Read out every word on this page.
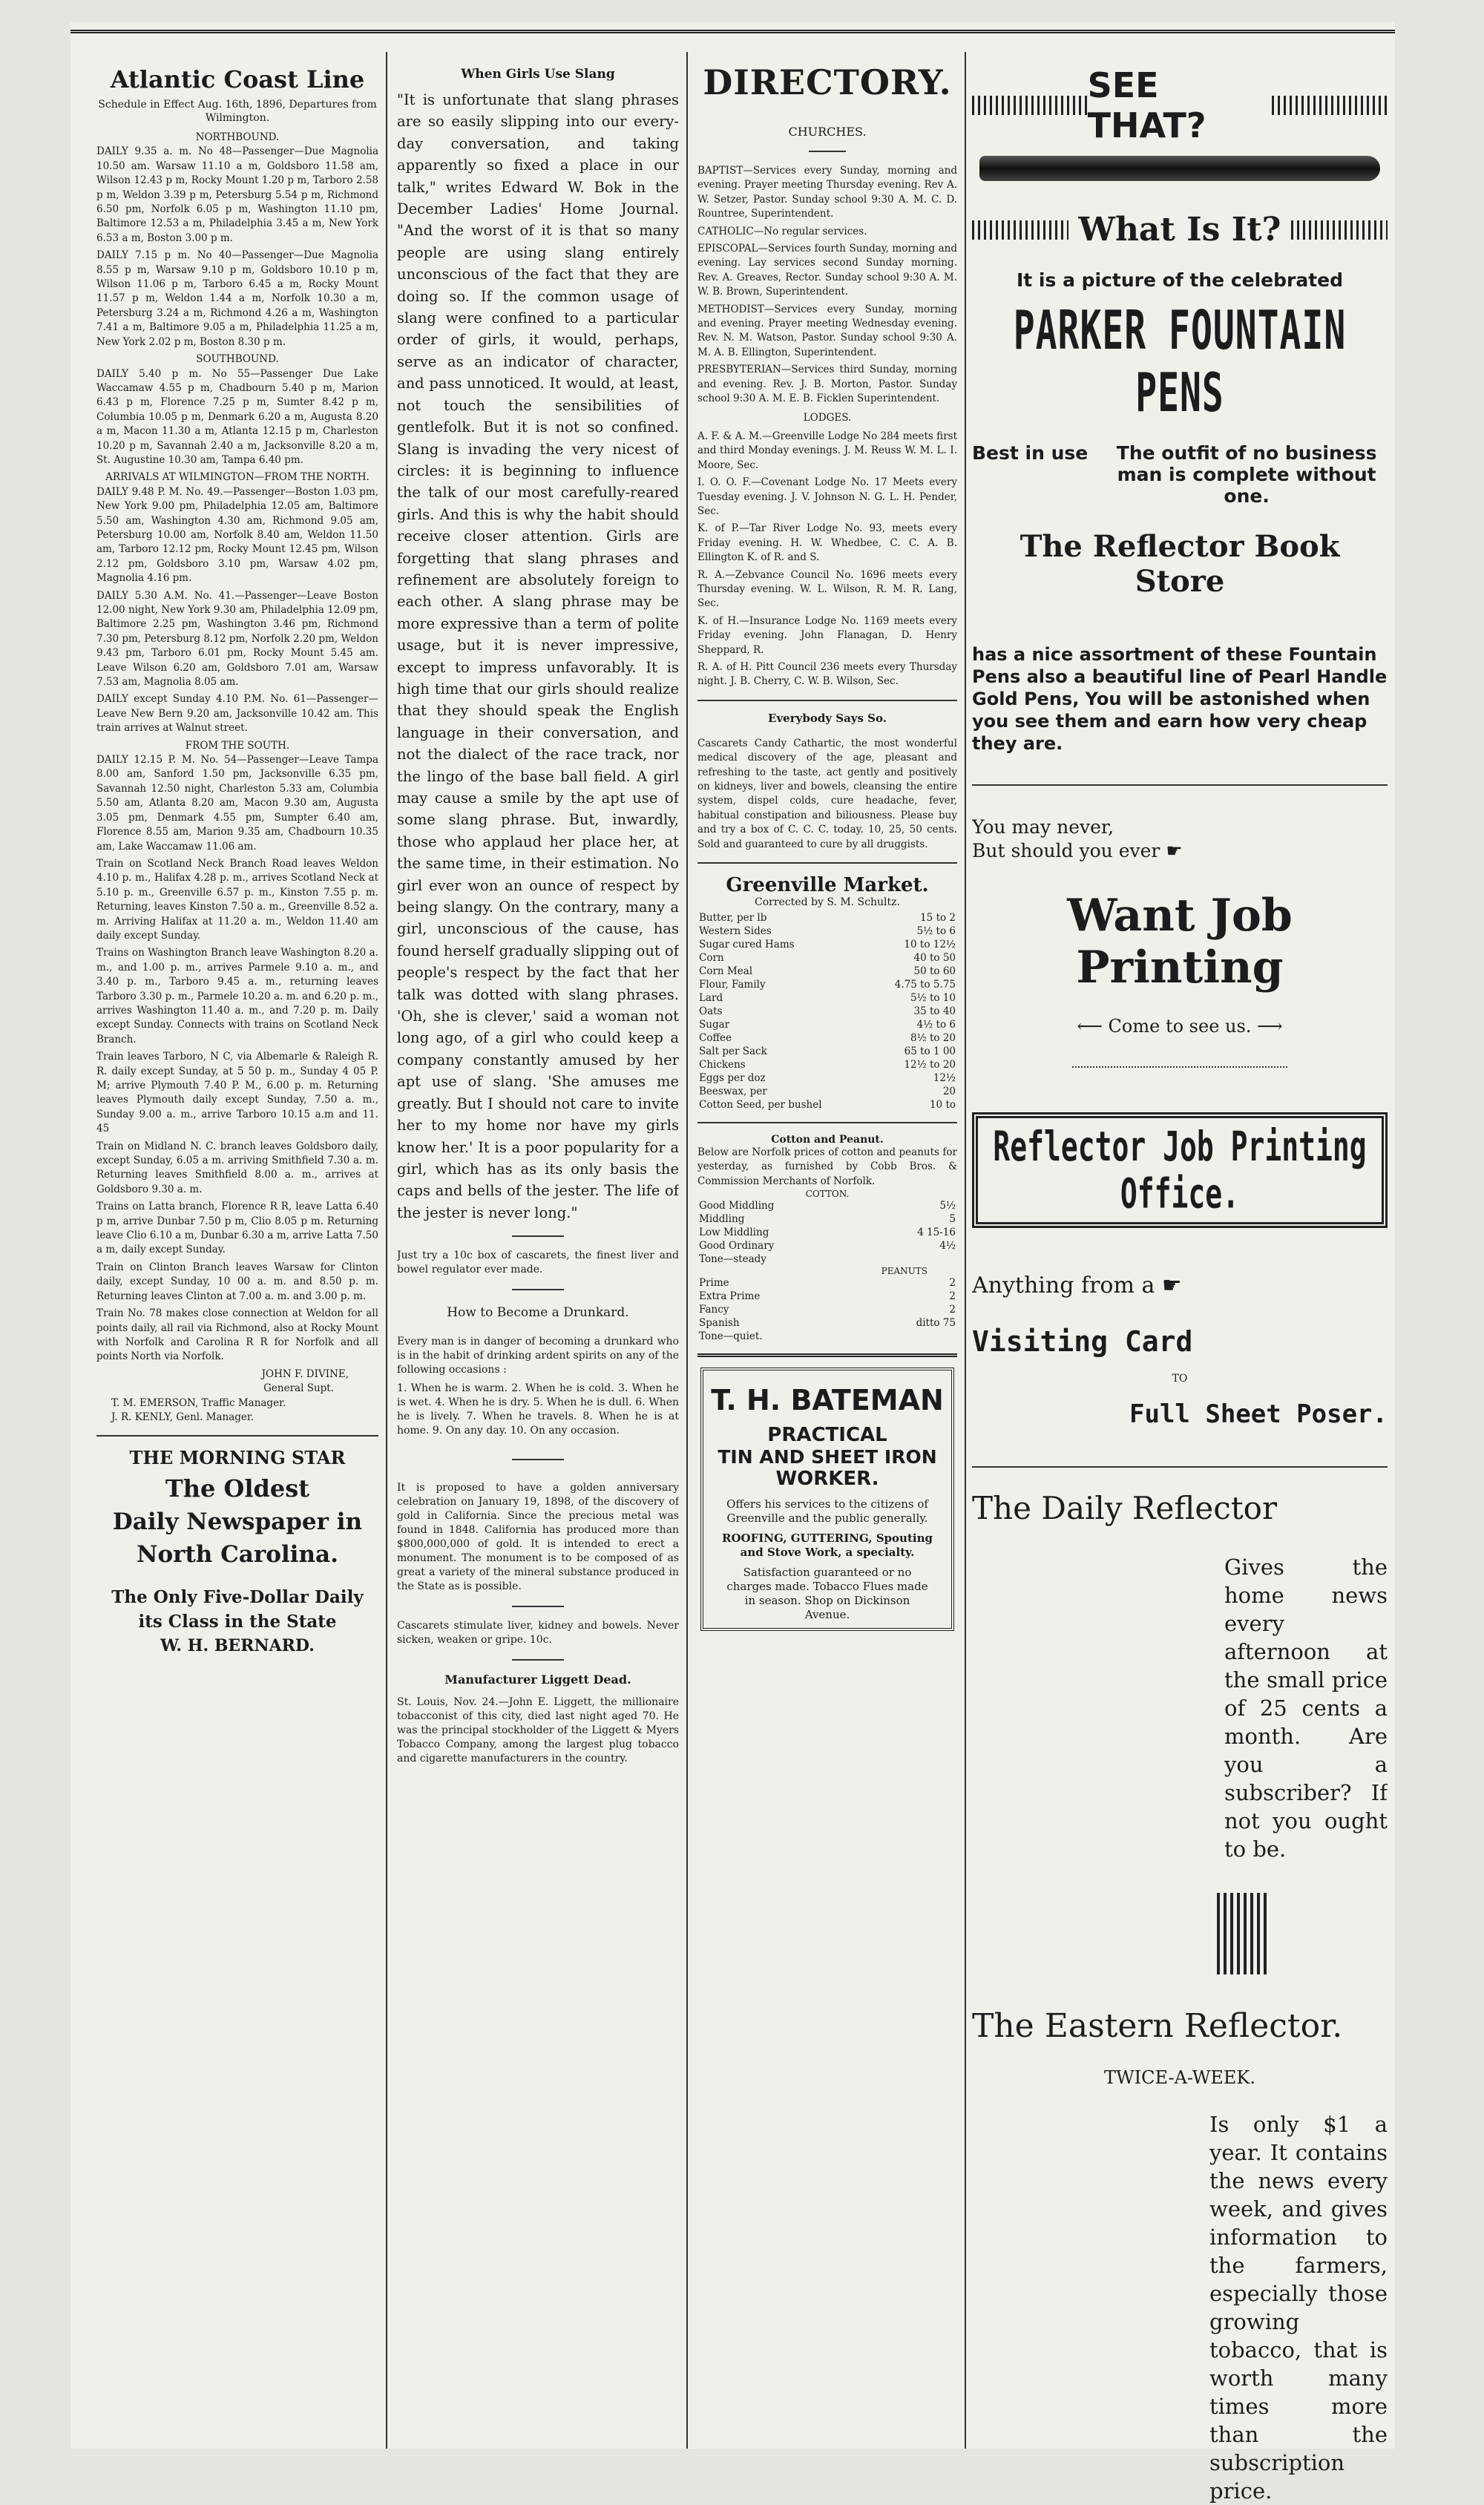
Atlantic Coast Line
Schedule in Effect Aug. 16th, 1896, Departures from Wilmington.
NORTHBOUND.

DAILY 9.35 a. m. No 48—Passenger—Due Magnolia 10.50 am. Warsaw 11.10 a m, Goldsboro 11.58 am, Wilson 12.43 p m, Rocky Mount 1.20 p m, Tarboro 2.58 p m, Weldon 3.39 p m, Petersburg 5.54 p m, Richmond 6.50 pm, Norfolk 6.05 p m, Washington 11.10 pm, Baltimore 12.53 a m, Philadelphia 3.45 a m, New York 6.53 a m, Boston 3.00 p m.

DAILY 7.15 p m. No 40—Passenger—Due Magnolia 8.55 p m, Warsaw 9.10 p m, Goldsboro 10.10 p m, Wilson 11.06 p m, Tarboro 6.45 a m, Rocky Mount 11.57 p m, Weldon 1.44 a m, Norfolk 10.30 a m, Petersburg 3.24 a m, Richmond 4.26 a m, Washington 7.41 a m, Baltimore 9.05 a m, Philadelphia 11.25 a m, New York 2.02 p m, Boston 8.30 p m.

SOUTHBOUND.

DAILY 5.40 p m. No 55—Passenger Due Lake Waccamaw 4.55 p m, Chadbourn 5.40 p m, Marion 6.43 p m, Florence 7.25 p m, Sumter 8.42 p m, Columbia 10.05 p m, Denmark 6.20 a m, Augusta 8.20 a m, Macon 11.30 a m, Atlanta 12.15 p m, Charleston 10.20 p m, Savannah 2.40 a m, Jacksonville 8.20 a m, St. Augustine 10.30 am, Tampa 6.40 pm.

ARRIVALS AT WILMINGTON—FROM THE NORTH.

DAILY 9.48 P. M. No. 49.—Passenger—Boston 1.03 pm, New York 9.00 pm, Philadelphia 12.05 am, Baltimore 5.50 am, Washington 4.30 am, Richmond 9.05 am, Petersburg 10.00 am, Norfolk 8.40 am, Weldon 11.50 am, Tarboro 12.12 pm, Rocky Mount 12.45 pm, Wilson 2.12 pm, Goldsboro 3.10 pm, Warsaw 4.02 pm, Magnolia 4.16 pm.

DAILY 5.30 A.M. No. 41.—Passenger—Leave Boston 12.00 night, New York 9.30 am, Philadelphia 12.09 pm, Baltimore 2.25 pm, Washington 3.46 pm, Richmond 7.30 pm, Petersburg 8.12 pm, Norfolk 2.20 pm, Weldon 9.43 pm, Tarboro 6.01 pm, Rocky Mount 5.45 am. Leave Wilson 6.20 am, Goldsboro 7.01 am, Warsaw 7.53 am, Magnolia 8.05 am.

DAILY except Sunday 4.10 P.M. No. 61—Passenger—Leave New Bern 9.20 am, Jacksonville 10.42 am. This train arrives at Walnut street.

FROM THE SOUTH.

DAILY 12.15 P. M. No. 54—Passenger—Leave Tampa 8.00 am, Sanford 1.50 pm, Jacksonville 6.35 pm, Savannah 12.50 night, Charleston 5.33 am, Columbia 5.50 am, Atlanta 8.20 am, Macon 9.30 am, Augusta 3.05 pm, Denmark 4.55 pm, Sumpter 6.40 am, Florence 8.55 am, Marion 9.35 am, Chadbourn 10.35 am, Lake Waccamaw 11.06 am.

Train on Scotland Neck Branch Road leaves Weldon 4.10 p. m., Halifax 4.28 p. m., arrives Scotland Neck at 5.10 p. m., Greenville 6.57 p. m., Kinston 7.55 p. m. Returning, leaves Kinston 7.50 a. m., Greenville 8.52 a. m. Arriving Halifax at 11.20 a. m., Weldon 11.40 am daily except Sunday.

Trains on Washington Branch leave Washington 8.20 a. m., and 1.00 p. m., arrives Parmele 9.10 a. m., and 3.40 p. m., Tarboro 9.45 a. m., returning leaves Tarboro 3.30 p. m., Parmele 10.20 a. m. and 6.20 p. m., arrives Washington 11.40 a. m., and 7.20 p. m. Daily except Sunday. Connects with trains on Scotland Neck Branch.

Train leaves Tarboro, N C, via Albemarle & Raleigh R. R. daily except Sunday, at 5 50 p. m., Sunday 4 05 P. M; arrive Plymouth 7.40 P. M., 6.00 p. m. Returning leaves Plymouth daily except Sunday, 7.50 a. m., Sunday 9.00 a. m., arrive Tarboro 10.15 a.m and 11. 45

Train on Midland N. C. branch leaves Goldsboro daily, except Sunday, 6.05 a m. arriving Smithfield 7.30 a. m. Returning leaves Smithfield 8.00 a. m., arrives at Goldsboro 9.30 a. m.

Trains on Latta branch, Florence R R, leave Latta 6.40 p m, arrive Dunbar 7.50 p m, Clio 8.05 p m. Returning leave Clio 6.10 a m, Dunbar 6.30 a m, arrive Latta 7.50 a m, daily except Sunday.

Train on Clinton Branch leaves Warsaw for Clinton daily, except Sunday, 10 00 a. m. and 8.50 p. m. Returning leaves Clinton at 7.00 a. m. and 3.00 p. m.

Train No. 78 makes close connection at Weldon for all points daily, all rail via Richmond, also at Rocky Mount with Norfolk and Carolina R R for Norfolk and all points North via Norfolk.

JOHN F. DIVINE,
General Supt.
T. M. EMERSON, Traffic Manager.
J. R. KENLY, Genl. Manager.
THE MORNING STAR
The Oldest
Daily Newspaper in
North Carolina.
The Only Five-Dollar Daily
its Class in the State
W. H. BERNARD.
When Girls Use Slang
"It is unfortunate that slang phrases are so easily slipping into our every-day conversation, and taking apparently so fixed a place in our talk," writes Edward W. Bok in the December Ladies' Home Journal. "And the worst of it is that so many people are using slang entirely unconscious of the fact that they are doing so. If the common usage of slang were confined to a particular order of girls, it would, perhaps, serve as an indicator of character, and pass unnoticed. It would, at least, not touch the sensibilities of gentlefolk. But it is not so confined. Slang is invading the very nicest of circles: it is beginning to influence the talk of our most carefully-reared girls. And this is why the habit should receive closer attention. Girls are forgetting that slang phrases and refinement are absolutely foreign to each other. A slang phrase may be more expressive than a term of polite usage, but it is never impressive, except to impress unfavorably. It is high time that our girls should realize that they should speak the English language in their conversation, and not the dialect of the race track, nor the lingo of the base ball field. A girl may cause a smile by the apt use of some slang phrase. But, inwardly, those who applaud her place her, at the same time, in their estimation. No girl ever won an ounce of respect by being slangy. On the contrary, many a girl, unconscious of the cause, has found herself gradually slipping out of people's respect by the fact that her talk was dotted with slang phrases. 'Oh, she is clever,' said a woman not long ago, of a girl who could keep a company constantly amused by her apt use of slang. 'She amuses me greatly. But I should not care to invite her to my home nor have my girls know her.' It is a poor popularity for a girl, which has as its only basis the caps and bells of the jester. The life of the jester is never long."
Just try a 10c box of cascarets, the finest liver and bowel regulator ever made.
How to Become a Drunkard.
Every man is in danger of becoming a drunkard who is in the habit of drinking ardent spirits on any of the following occasions :
1. When he is warm. 2. When he is cold. 3. When he is wet. 4. When he is dry. 5. When he is dull. 6. When he is lively. 7. When he travels. 8. When he is at home. 9. On any day. 10. On any occasion.
It is proposed to have a golden anniversary celebration on January 19, 1898, of the discovery of gold in California. Since the precious metal was found in 1848. California has produced more than $800,000,000 of gold. It is intended to erect a monument. The monument is to be composed of as great a variety of the mineral substance produced in the State as is possible.
Cascarets stimulate liver, kidney and bowels. Never sicken, weaken or gripe. 10c.
Manufacturer Liggett Dead.
St. Louis, Nov. 24.—John E. Liggett, the millionaire tobacconist of this city, died last night aged 70. He was the principal stockholder of the Liggett & Myers Tobacco Company, among the largest plug tobacco and cigarette manufacturers in the country.
DIRECTORY.
CHURCHES.

BAPTIST—Services every Sunday, morning and evening. Prayer meeting Thursday evening. Rev A. W. Setzer, Pastor. Sunday school 9:30 A. M. C. D. Rountree, Superintendent.

CATHOLIC—No regular services.

EPISCOPAL—Services fourth Sunday, morning and evening. Lay services second Sunday morning. Rev. A. Greaves, Rector. Sunday school 9:30 A. M. W. B. Brown, Superintendent.

METHODIST—Services every Sunday, morning and evening. Prayer meeting Wednesday evening. Rev. N. M. Watson, Pastor. Sunday school 9:30 A. M. A. B. Ellington, Superintendent.

PRESBYTERIAN—Services third Sunday, morning and evening. Rev. J. B. Morton, Pastor. Sunday school 9:30 A. M. E. B. Ficklen Superintendent.

LODGES.

A. F. & A. M.—Greenville Lodge No 284 meets first and third Monday evenings. J. M. Reuss W. M. L. I. Moore, Sec.

I. O. O. F.—Covenant Lodge No. 17 Meets every Tuesday evening. J. V. Johnson N. G. L. H. Pender, Sec.

K. of P.—Tar River Lodge No. 93, meets every Friday evening. H. W. Whedbee, C. C. A. B. Ellington K. of R. and S.

R. A.—Zebvance Council No. 1696 meets every Thursday evening. W. L. Wilson, R. M. R. Lang, Sec.

K. of H.—Insurance Lodge No. 1169 meets every Friday evening. John Flanagan, D. Henry Sheppard, R.

R. A. of H. Pitt Council 236 meets every Thursday night. J. B. Cherry, C. W. B. Wilson, Sec.

Everybody Says So.
Cascarets Candy Cathartic, the most wonderful medical discovery of the age, pleasant and refreshing to the taste, act gently and positively on kidneys, liver and bowels, cleansing the entire system, dispel colds, cure headache, fever, habitual constipation and biliousness. Please buy and try a box of C. C. C. today. 10, 25, 50 cents. Sold and guaranteed to cure by all druggists.
Greenville Market.
Corrected by S. M. Schultz.
Butter, per lb	15 to 2
Western Sides	5½ to 6
Sugar cured Hams	10 to 12½
Corn	40 to 50
Corn Meal	50 to 60
Flour, Family	4.75 to 5.75
Lard	5½ to 10
Oats	35 to 40
Sugar	4½ to 6
Coffee	8½ to 20
Salt per Sack	65 to 1 00
Chickens	12½ to 20
Eggs per doz	12½
Beeswax, per	20
Cotton Seed, per bushel	10 to
Cotton and Peanut.
Below are Norfolk prices of cotton and peanuts for yesterday, as furnished by Cobb Bros. & Commission Merchants of Norfolk.
COTTON.
Good Middling	5½
Middling	5
Low Middling	4 15-16
Good Ordinary	4½
Tone—steady	
PEANUTS
Prime	2
Extra Prime	2
Fancy	2
Spanish	ditto 75
Tone—quiet.	
T. H. BATEMAN
PRACTICAL
TIN AND SHEET IRON
WORKER.
Offers his services to the citizens of Greenville and the public generally.
ROOFING, GUTTERING, Spouting and Stove Work, a specialty.
Satisfaction guaranteed or no charges made. Tobacco Flues made in season. Shop on Dickinson Avenue.
SEE THAT?
What Is It?
It is a picture of the celebrated
PARKER FOUNTAIN PENS
Best in use	The outfit of no business man is complete without one.
The Reflector Book Store
has a nice assortment of these Fountain Pens also a beautiful line of Pearl Handle Gold Pens, You will be astonished when you see them and earn how very cheap they are.
You may never,
But should you ever ☛
Want Job Printing
⟵ Come to see us. ⟶
Reflector Job Printing Office.
Anything from a ☛
Visiting Card
TO
Full Sheet Poser.
The Daily Reflector
Gives the home news every afternoon at the small price of 25 cents a month. Are you a subscriber? If not you ought to be.
The Eastern Reflector.
TWICE-A-WEEK.
Is only $1 a year. It contains the news every week, and gives information to the farmers, especially those growing tobacco, that is worth many times more than the subscription price.
